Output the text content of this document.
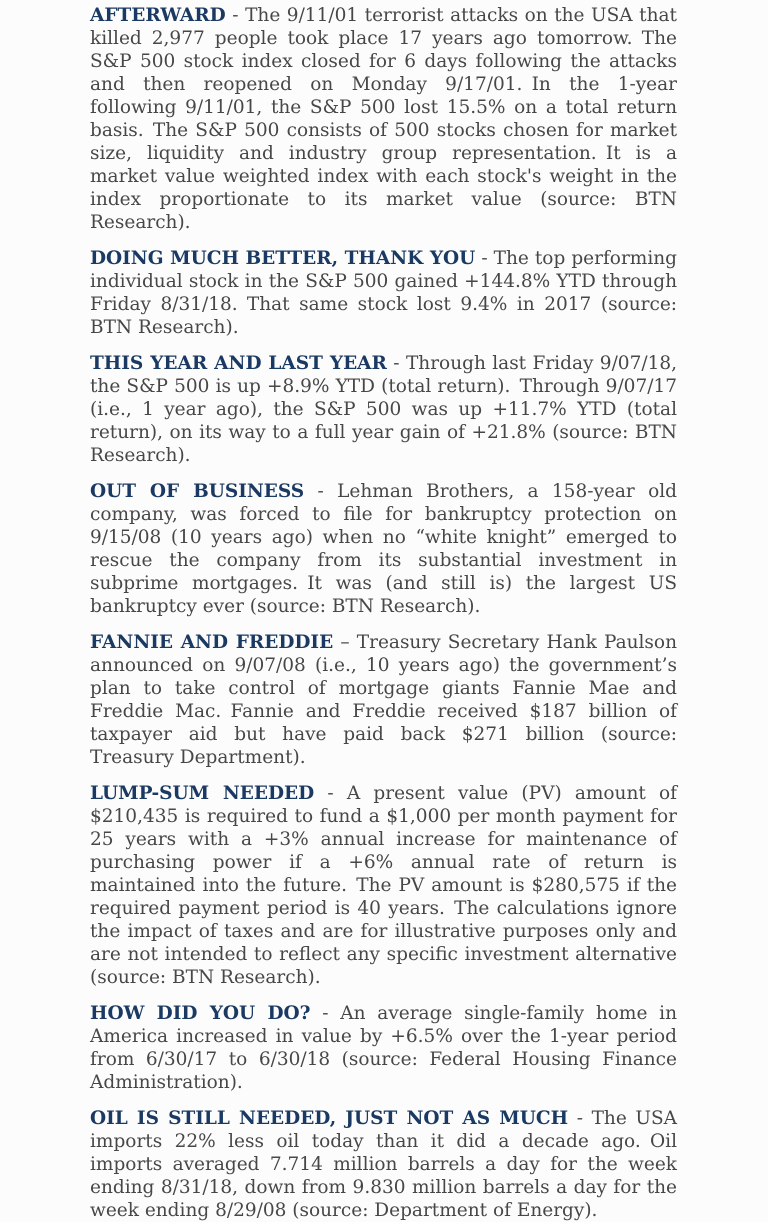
AFTERWARD - The 9/11/01 terrorist attacks on the USA that killed 2,977 people took place 17 years ago tomorrow. The S&P 500 stock index closed for 6 days following the attacks and then reopened on Monday 9/17/01. In the 1-year following 9/11/01, the S&P 500 lost 15.5% on a total return basis. The S&P 500 consists of 500 stocks chosen for market size, liquidity and industry group representation. It is a market value weighted index with each stock's weight in the index proportionate to its market value (source: BTN Research).

DOING MUCH BETTER, THANK YOU - The top performing individual stock in the S&P 500 gained +144.8% YTD through Friday 8/31/18. That same stock lost 9.4% in 2017 (source: BTN Research).

THIS YEAR AND LAST YEAR - Through last Friday 9/07/18, the S&P 500 is up +8.9% YTD (total return). Through 9/07/17 (i.e., 1 year ago), the S&P 500 was up +11.7% YTD (total return), on its way to a full year gain of +21.8% (source: BTN Research).

OUT OF BUSINESS - Lehman Brothers, a 158-year old company, was forced to file for bankruptcy protection on 9/15/08 (10 years ago) when no “white knight” emerged to rescue the company from its substantial investment in subprime mortgages. It was (and still is) the largest US bankruptcy ever (source: BTN Research).

FANNIE AND FREDDIE – Treasury Secretary Hank Paulson announced on 9/07/08 (i.e., 10 years ago) the government’s plan to take control of mortgage giants Fannie Mae and Freddie Mac. Fannie and Freddie received $187 billion of taxpayer aid but have paid back $271 billion (source: Treasury Department).

LUMP-SUM NEEDED - A present value (PV) amount of $210,435 is required to fund a $1,000 per month payment for 25 years with a +3% annual increase for maintenance of purchasing power if a +6% annual rate of return is maintained into the future. The PV amount is $280,575 if the required payment period is 40 years. The calculations ignore the impact of taxes and are for illustrative purposes only and are not intended to reflect any specific investment alternative (source: BTN Research).

HOW DID YOU DO? - An average single-family home in America increased in value by +6.5% over the 1-year period from 6/30/17 to 6/30/18 (source: Federal Housing Finance Administration).

OIL IS STILL NEEDED, JUST NOT AS MUCH - The USA imports 22% less oil today than it did a decade ago. Oil imports averaged 7.714 million barrels a day for the week ending 8/31/18, down from 9.830 million barrels a day for the week ending 8/29/08 (source: Department of Energy).
